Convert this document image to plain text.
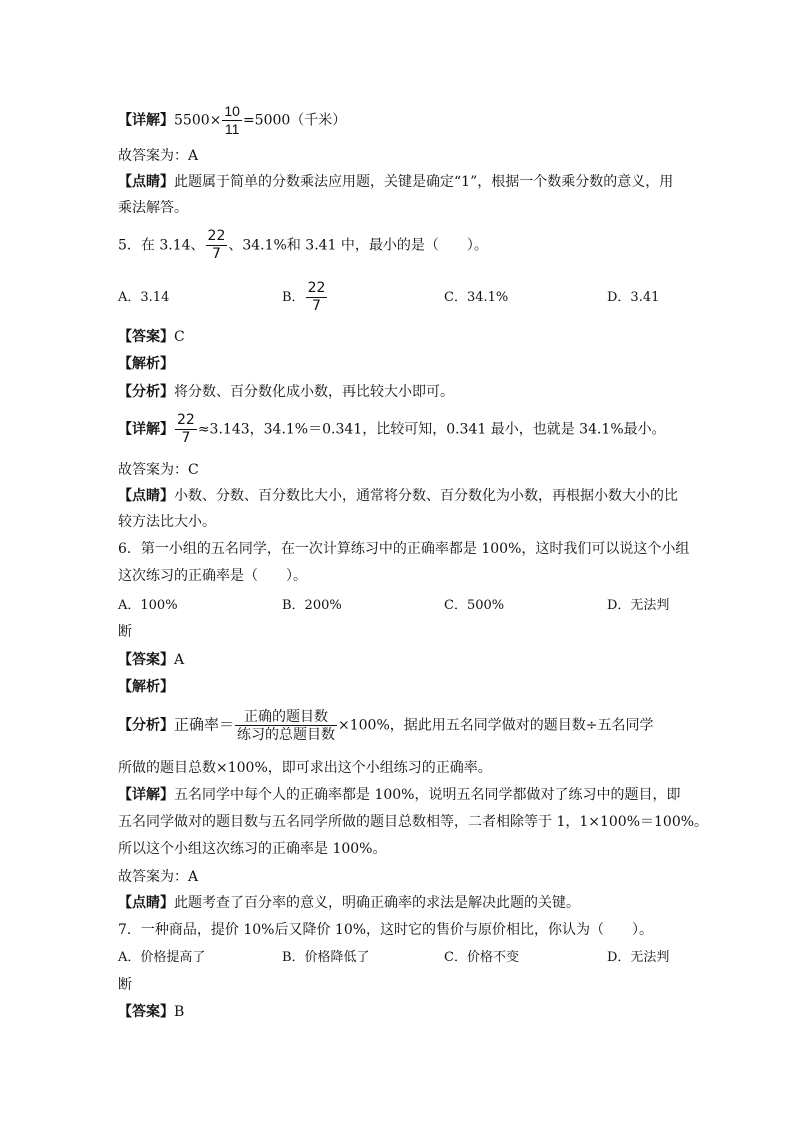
【详解】$5500\times \frac{10}{11} =5000$（千米）
故答案为：A
【点睛】此题属于简单的分数乘法应用题，关键是确定“1”，根据一个数乘分数的意义，用
乘法解答。
5．在 3.14、 $\frac{22}{7}$ 、34.1%和 3.41 中，最小的是（　　）。
A．3.14	B． $\frac{22}{7}$	C．34.1%	D．3.41
【答案】C
【解析】
【分析】将分数、百分数化成小数，再比较大小即可。
【详解】 $\frac{22}{7} \approx 3.143$，34.1%＝0.341，比较可知，0.341 最小，也就是 34.1%最小。
故答案为：C
【点睛】小数、分数、百分数比大小，通常将分数、百分数化为小数，再根据小数大小的比
较方法比大小。
6．第一小组的五名同学，在一次计算练习中的正确率都是 100%，这时我们可以说这个小组
这次练习的正确率是（　　）。
A．100%	B．200%	C．500%	D．无法判
断
【答案】A
【解析】
【分析】正确率＝ $\frac{\text{正确的题目数}}{\text{练习的总题目数}} \times 100\%$，据此用五名同学做对的题目数÷五名同学
所做的题目总数×100%，即可求出这个小组练习的正确率。
【详解】五名同学中每个人的正确率都是 100%，说明五名同学都做对了练习中的题目，即
五名同学做对的题目数与五名同学所做的题目总数相等，二者相除等于 1，1×100%＝100%。
所以这个小组这次练习的正确率是 100%。
故答案为：A
【点睛】此题考查了百分率的意义，明确正确率的求法是解决此题的关键。
7．一种商品，提价 10%后又降价 10%，这时它的售价与原价相比，你认为（　　）。
A．价格提高了	B．价格降低了	C．价格不变	D．无法判
断
【答案】B
